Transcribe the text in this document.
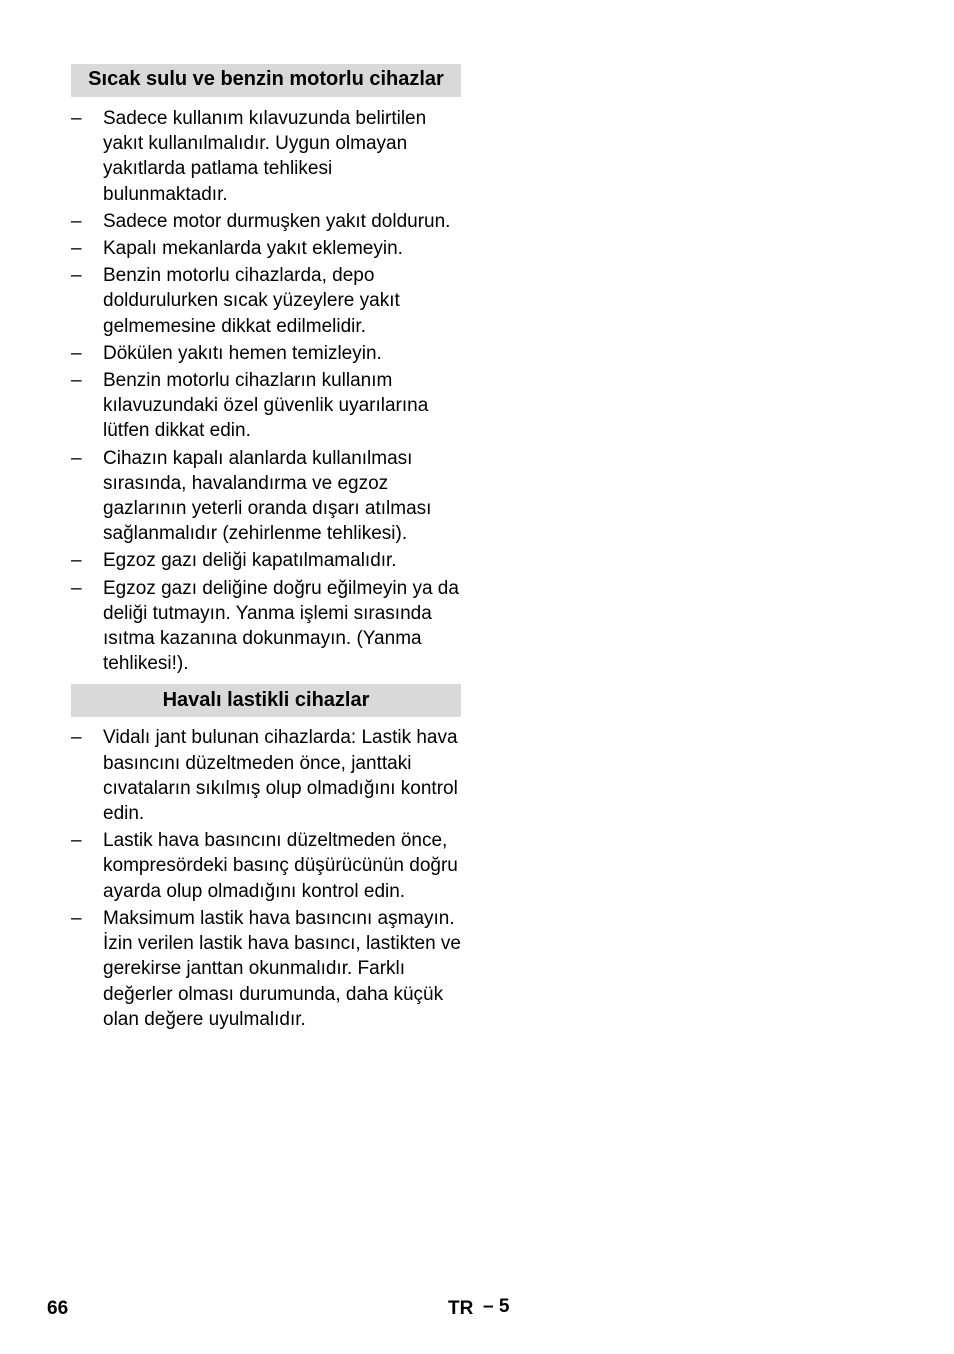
Sıcak sulu ve benzin motorlu cihazlar
–	Sadece kullanım kılavuzunda belirtilen yakıt kullanılmalıdır. Uygun olmayan yakıtlarda patlama tehlikesi bulunmaktadır.
–	Sadece motor durmuşken yakıt doldurun.
–	Kapalı mekanlarda yakıt eklemeyin.
–	Benzin motorlu cihazlarda, depo doldurulurken sıcak yüzeylere yakıt gelmemesine dikkat edilmelidir.
–	Dökülen yakıtı hemen temizleyin.
–	Benzin motorlu cihazların kullanım kılavuzundaki özel güvenlik uyarılarına lütfen dikkat edin.
–	Cihazın kapalı alanlarda kullanılması sırasında, havalandırma ve egzoz gazlarının yeterli oranda dışarı atılması sağlanmalıdır (zehirlenme tehlikesi).
–	Egzoz gazı deliği kapatılmamalıdır.
–	Egzoz gazı deliğine doğru eğilmeyin ya da deliği tutmayın. Yanma işlemi sırasında ısıtma kazanına dokunmayın. (Yanma tehlikesi!).
Havalı lastikli cihazlar
–	Vidalı jant bulunan cihazlarda: Lastik hava basıncını düzeltmeden önce, janttaki cıvataların sıkılmış olup olmadığını kontrol edin.
–	Lastik hava basıncını düzeltmeden önce, kompresördeki basınç düşürücünün doğru ayarda olup olmadığını kontrol edin.
–	Maksimum lastik hava basıncını aşmayın. İzin verilen lastik hava basıncı, lastikten ve gerekirse janttan okunmalıdır. Farklı değerler olması durumunda, daha küçük olan değere uyulmalıdır.
66	TR – 5
